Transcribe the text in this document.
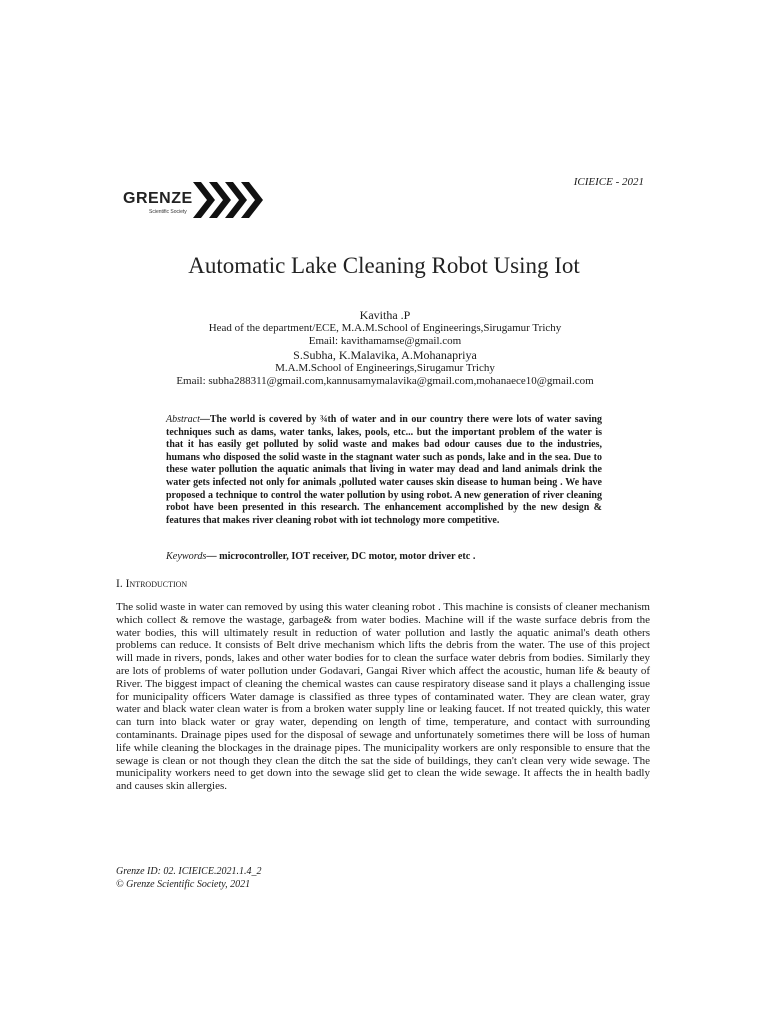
GRENZE
Scientific Society
ICIEICE - 2021
Automatic Lake Cleaning Robot Using Iot
Kavitha .P
Head of the department/ECE, M.A.M.School of Engineerings,Sirugamur Trichy
Email: kavithamamse@gmail.com
S.Subha, K.Malavika, A.Mohanapriya
M.A.M.School of Engineerings,Sirugamur Trichy
Email: subha288311@gmail.com,kannusamymalavika@gmail.com,mohanaece10@gmail.com
Abstract—The world is covered by ¾th of water and in our country there were lots of water saving techniques such as dams, water tanks, lakes, pools, etc... but the important problem of the water is that it has easily get polluted by solid waste and makes bad odour causes due to the industries, humans who disposed the solid waste in the stagnant water such as ponds, lake and in the sea. Due to these water pollution the aquatic animals that living in water may dead and land animals drink the water gets infected not only for animals ,polluted water causes skin disease to human being . We have proposed a technique to control the water pollution by using robot. A new generation of river cleaning robot have been presented in this research. The enhancement accomplished by the new design & features that makes river cleaning robot with iot technology more competitive.
Keywords— microcontroller, IOT receiver, DC motor, motor driver etc .
I. Introduction
The solid waste in water can removed by using this water cleaning robot . This machine is consists of cleaner mechanism which collect & remove the wastage, garbage& from water bodies. Machine will if the waste surface debris from the water bodies, this will ultimately result in reduction of water pollution and lastly the aquatic animal's death others problems can reduce. It consists of Belt drive mechanism which lifts the debris from the water. The use of this project will made in rivers, ponds, lakes and other water bodies for to clean the surface water debris from bodies. Similarly they are lots of problems of water pollution under Godavari, Gangai River which affect the acoustic, human life & beauty of River. The biggest impact of cleaning the chemical wastes can cause respiratory disease sand it plays a challenging issue for municipality officers Water damage is classified as three types of contaminated water. They are clean water, gray water and black water clean water is from a broken water supply line or leaking faucet. If not treated quickly, this water can turn into black water or gray water, depending on length of time, temperature, and contact with surrounding contaminants. Drainage pipes used for the disposal of sewage and unfortunately sometimes there will be loss of human life while cleaning the blockages in the drainage pipes. The municipality workers are only responsible to ensure that the sewage is clean or not though they clean the ditch the sat the side of buildings, they can't clean very wide sewage. The municipality workers need to get down into the sewage slid get to clean the wide sewage. It affects the in health badly and causes skin allergies.
Grenze ID: 02. ICIEICE.2021.1.4_2
© Grenze Scientific Society, 2021
